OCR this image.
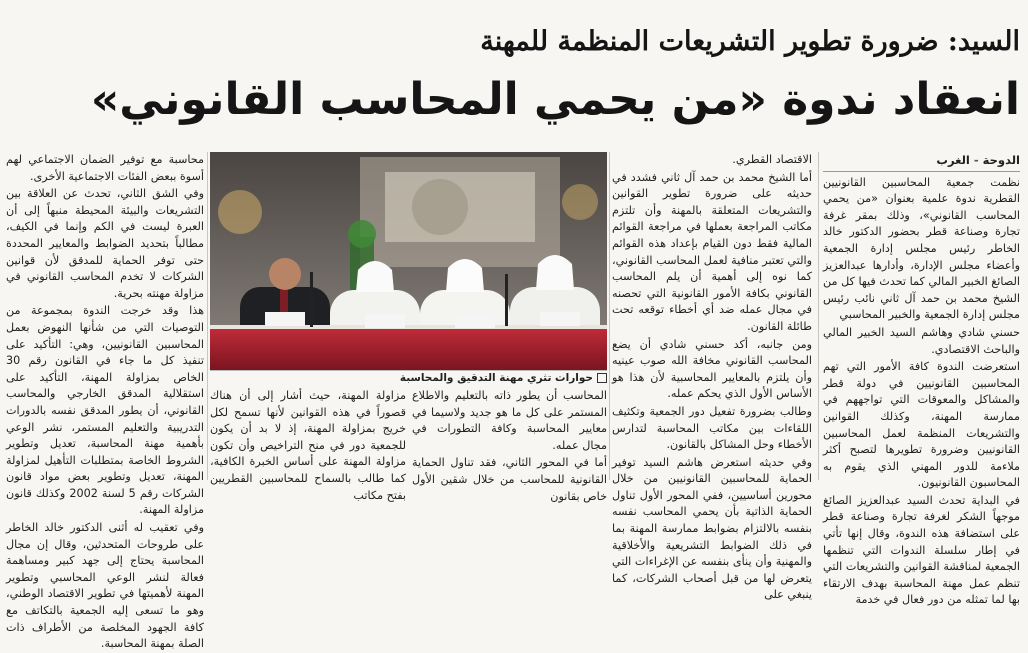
السيد: ضرورة تطوير التشريعات المنظمة للمهنة
انعقاد ندوة «من يحمي المحاسب القانوني»
الدوحة - الغرب

نظمت جمعية المحاسبين القانونيين القطرية ندوة علمية بعنوان «من يحمي المحاسب القانوني»، وذلك بمقر غرفة تجارة وصناعة قطر بحضور الدكتور خالد الخاطر رئيس مجلس إدارة الجمعية وأعضاء مجلس الإدارة، وأدارها عبدالعزيز الصائغ الخبير المالي كما تحدث فيها كل من الشيخ محمد بن حمد آل ثاني نائب رئيس مجلس إدارة الجمعية والخبير المحاسبي

حسني شادي وهاشم السيد الخبير المالي والباحث الاقتصادي.

استعرضت الندوة كافة الأمور التي تهم المحاسبين القانونيين في دولة قطر والمشاكل والمعوقات التي تواجههم في ممارسة المهنة، وكذلك القوانين والتشريعات المنظمة لعمل المحاسبين القانونيين وضرورة تطويرها لتصبح أكثر ملاءمة للدور المهني الذي يقوم به المحاسبون القانونيون.

في البداية تحدث السيد عبدالعزيز الصائغ موجهاً الشكر لغرفة تجارة وصناعة قطر على استضافة هذه الندوة، وقال إنها تأتي في إطار سلسلة الندوات التي تنظمها الجمعية لمناقشة القوانين والتشريعات التي تنظم عمل مهنة المحاسبة بهدف الارتقاء بها لما تمثله من دور فعال في خدمة

الاقتصاد القطري.

أما الشيخ محمد بن حمد آل ثاني فشدد في حديثه على ضرورة تطوير القوانين والتشريعات المتعلقة بالمهنة وأن تلتزم مكاتب المراجعة بعملها في مراجعة القوائم المالية فقط دون القيام بإعداد هذه القوائم والتي تعتبر منافية لعمل المحاسب القانوني، كما نوه إلى أهمية أن يلم المحاسب القانوني بكافة الأمور القانونية التي تحصنه في مجال عمله ضد أي أخطاء توقعه تحت طائلة القانون.

ومن جانبه، أكد حسني شادي أن يضع المحاسب القانوني مخافة الله صوب عينيه وأن يلتزم بالمعايير المحاسبية لأن هذا هو الأساس الأول الذي يحكم عمله.

وطالب بضرورة تفعيل دور الجمعية وتكثيف اللقاءات بين مكاتب المحاسبة لتدارس الأخطاء وحل المشاكل بالقانون.

وفي حديثه استعرض هاشم السيد توفير الحماية للمحاسبين القانونيين من خلال محورين أساسيين، ففي المحور الأول تناول الحماية الذاتية بأن يحمي المحاسب نفسه بنفسه بالالتزام بضوابط ممارسة المهنة بما في ذلك الضوابط التشريعية والأخلاقية والمهنية وأن ينأى بنفسه عن الإغراءات التي يتعرض لها من قبل أصحاب الشركات، كما ينبغي على

حوارات تثري مهنة التدقيق والمحاسبة

المحاسب أن يطور ذاته بالتعليم والاطلاع المستمر على كل ما هو جديد ولاسيما في معايير المحاسبة وكافة التطورات في مجال عمله.

أما في المحور الثاني، فقد تناول الحماية القانونية للمحاسب من خلال شقين الأول خاص بقانون

مزاولة المهنة، حيث أشار إلى أن هناك قصوراً في هذه القوانين لأنها تسمح لكل خريج بمزاولة المهنة، إذ لا بد أن يكون للجمعية دور في منح التراخيص وأن تكون مزاولة المهنة على أساس الخبرة الكافية، كما طالب بالسماح للمحاسبين القطريين بفتح مكاتب

محاسبة مع توفير الضمان الاجتماعي لهم أسوة ببعض الفئات الاجتماعية الأخرى.

وفي الشق الثاني، تحدث عن العلاقة بين التشريعات والبيئة المحيطة منبهاً إلى أن العبرة ليست في الكم وإنما في الكيف، مطالباً بتحديد الضوابط والمعايير المحددة حتى توفر الحماية للمدقق لأن قوانين الشركات لا تخدم المحاسب القانوني في مزاولة مهنته بحرية.

هذا وقد خرجت الندوة بمجموعة من التوصيات التي من شأنها النهوض بعمل المحاسبين القانونيين، وهي: التأكيد على تنفيذ كل ما جاء في القانون رقم 30 الخاص بمزاولة المهنة، التأكيد على استقلالية المدقق الخارجي والمحاسب القانوني، أن يطور المدقق نفسه بالدورات التدريبية والتعليم المستمر، نشر الوعي بأهمية مهنة المحاسبة، تعديل وتطوير الشروط الخاصة بمتطلبات التأهيل لمزاولة المهنة، تعديل وتطوير بعض مواد قانون الشركات رقم 5 لسنة 2002 وكذلك قانون مزاولة المهنة.

وفي تعقيب له أثنى الدكتور خالد الخاطر على طروحات المتحدثين، وقال إن مجال المحاسبة يحتاج إلى جهد كبير ومساهمة فعالة لنشر الوعي المحاسبي وتطوير المهنة لأهميتها في تطوير الاقتصاد الوطني، وهو ما تسعى إليه الجمعية بالتكاتف مع كافة الجهود المخلصة من الأطراف ذات الصلة بمهنة المحاسبة.
